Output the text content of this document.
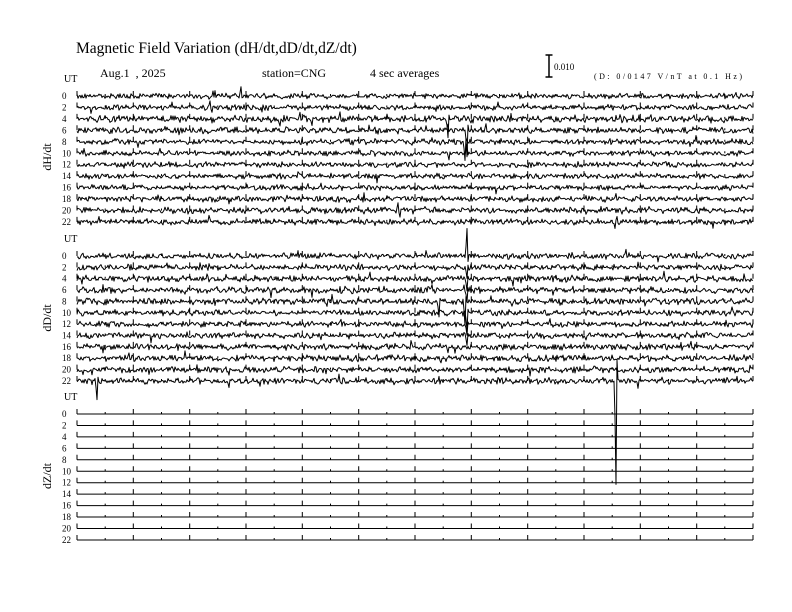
Magnetic Field Variation (dH/dt,dD/dt,dZ/dt)
Aug.1  , 2025	station=CNG	4 sec averages	0.010
(D: 0/0147 V/nT at 0.1 Hz)
UT
dH/dt
0
2
4
6
8
10
12
14
16
18
20
22
UT
dD/dt
0
2
4
6
8
10
12
14
16
18
20
22
UT
dZ/dt
0
2
4
6
8
10
12
14
16
18
20
22
